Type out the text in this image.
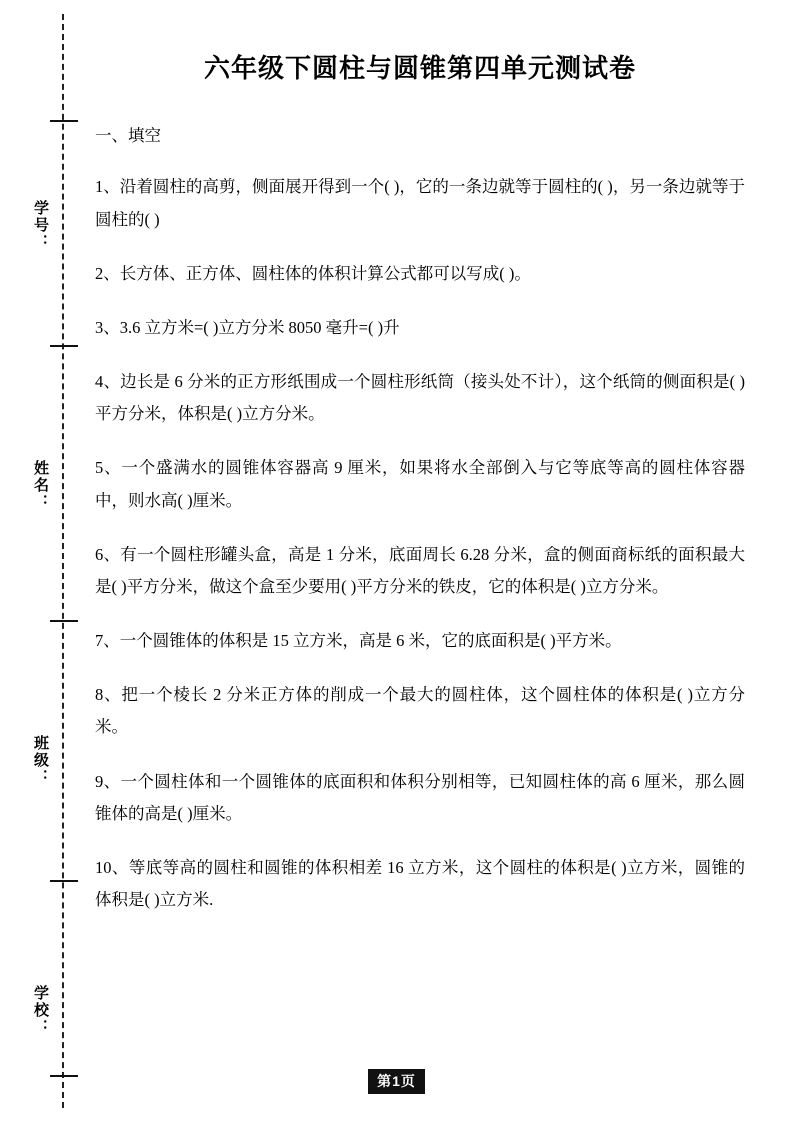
学号：
姓名：
班级：
学校：
六年级下圆柱与圆锥第四单元测试卷
一、填空
1、沿着圆柱的高剪，侧面展开得到一个( )，它的一条边就等于圆柱的( )，另一条边就等于圆柱的( )
2、长方体、正方体、圆柱体的体积计算公式都可以写成( )。
3、3.6 立方米=( )立方分米 8050 毫升=( )升
4、边长是 6 分米的正方形纸围成一个圆柱形纸筒（接头处不计），这个纸筒的侧面积是( )平方分米，体积是( )立方分米。
5、一个盛满水的圆锥体容器高 9 厘米，如果将水全部倒入与它等底等高的圆柱体容器中，则水高( )厘米。
6、有一个圆柱形罐头盒，高是 1 分米，底面周长 6.28 分米，盒的侧面商标纸的面积最大是( )平方分米，做这个盒至少要用( )平方分米的铁皮，它的体积是( )立方分米。
7、一个圆锥体的体积是 15 立方米，高是 6 米，它的底面积是( )平方米。
8、把一个棱长 2 分米正方体的削成一个最大的圆柱体，这个圆柱体的体积是( )立方分米。
9、一个圆柱体和一个圆锥体的底面积和体积分别相等，已知圆柱体的高 6 厘米，那么圆锥体的高是( )厘米。
10、等底等高的圆柱和圆锥的体积相差 16 立方米，这个圆柱的体积是( )立方米，圆锥的体积是( )立方米.
第1页
